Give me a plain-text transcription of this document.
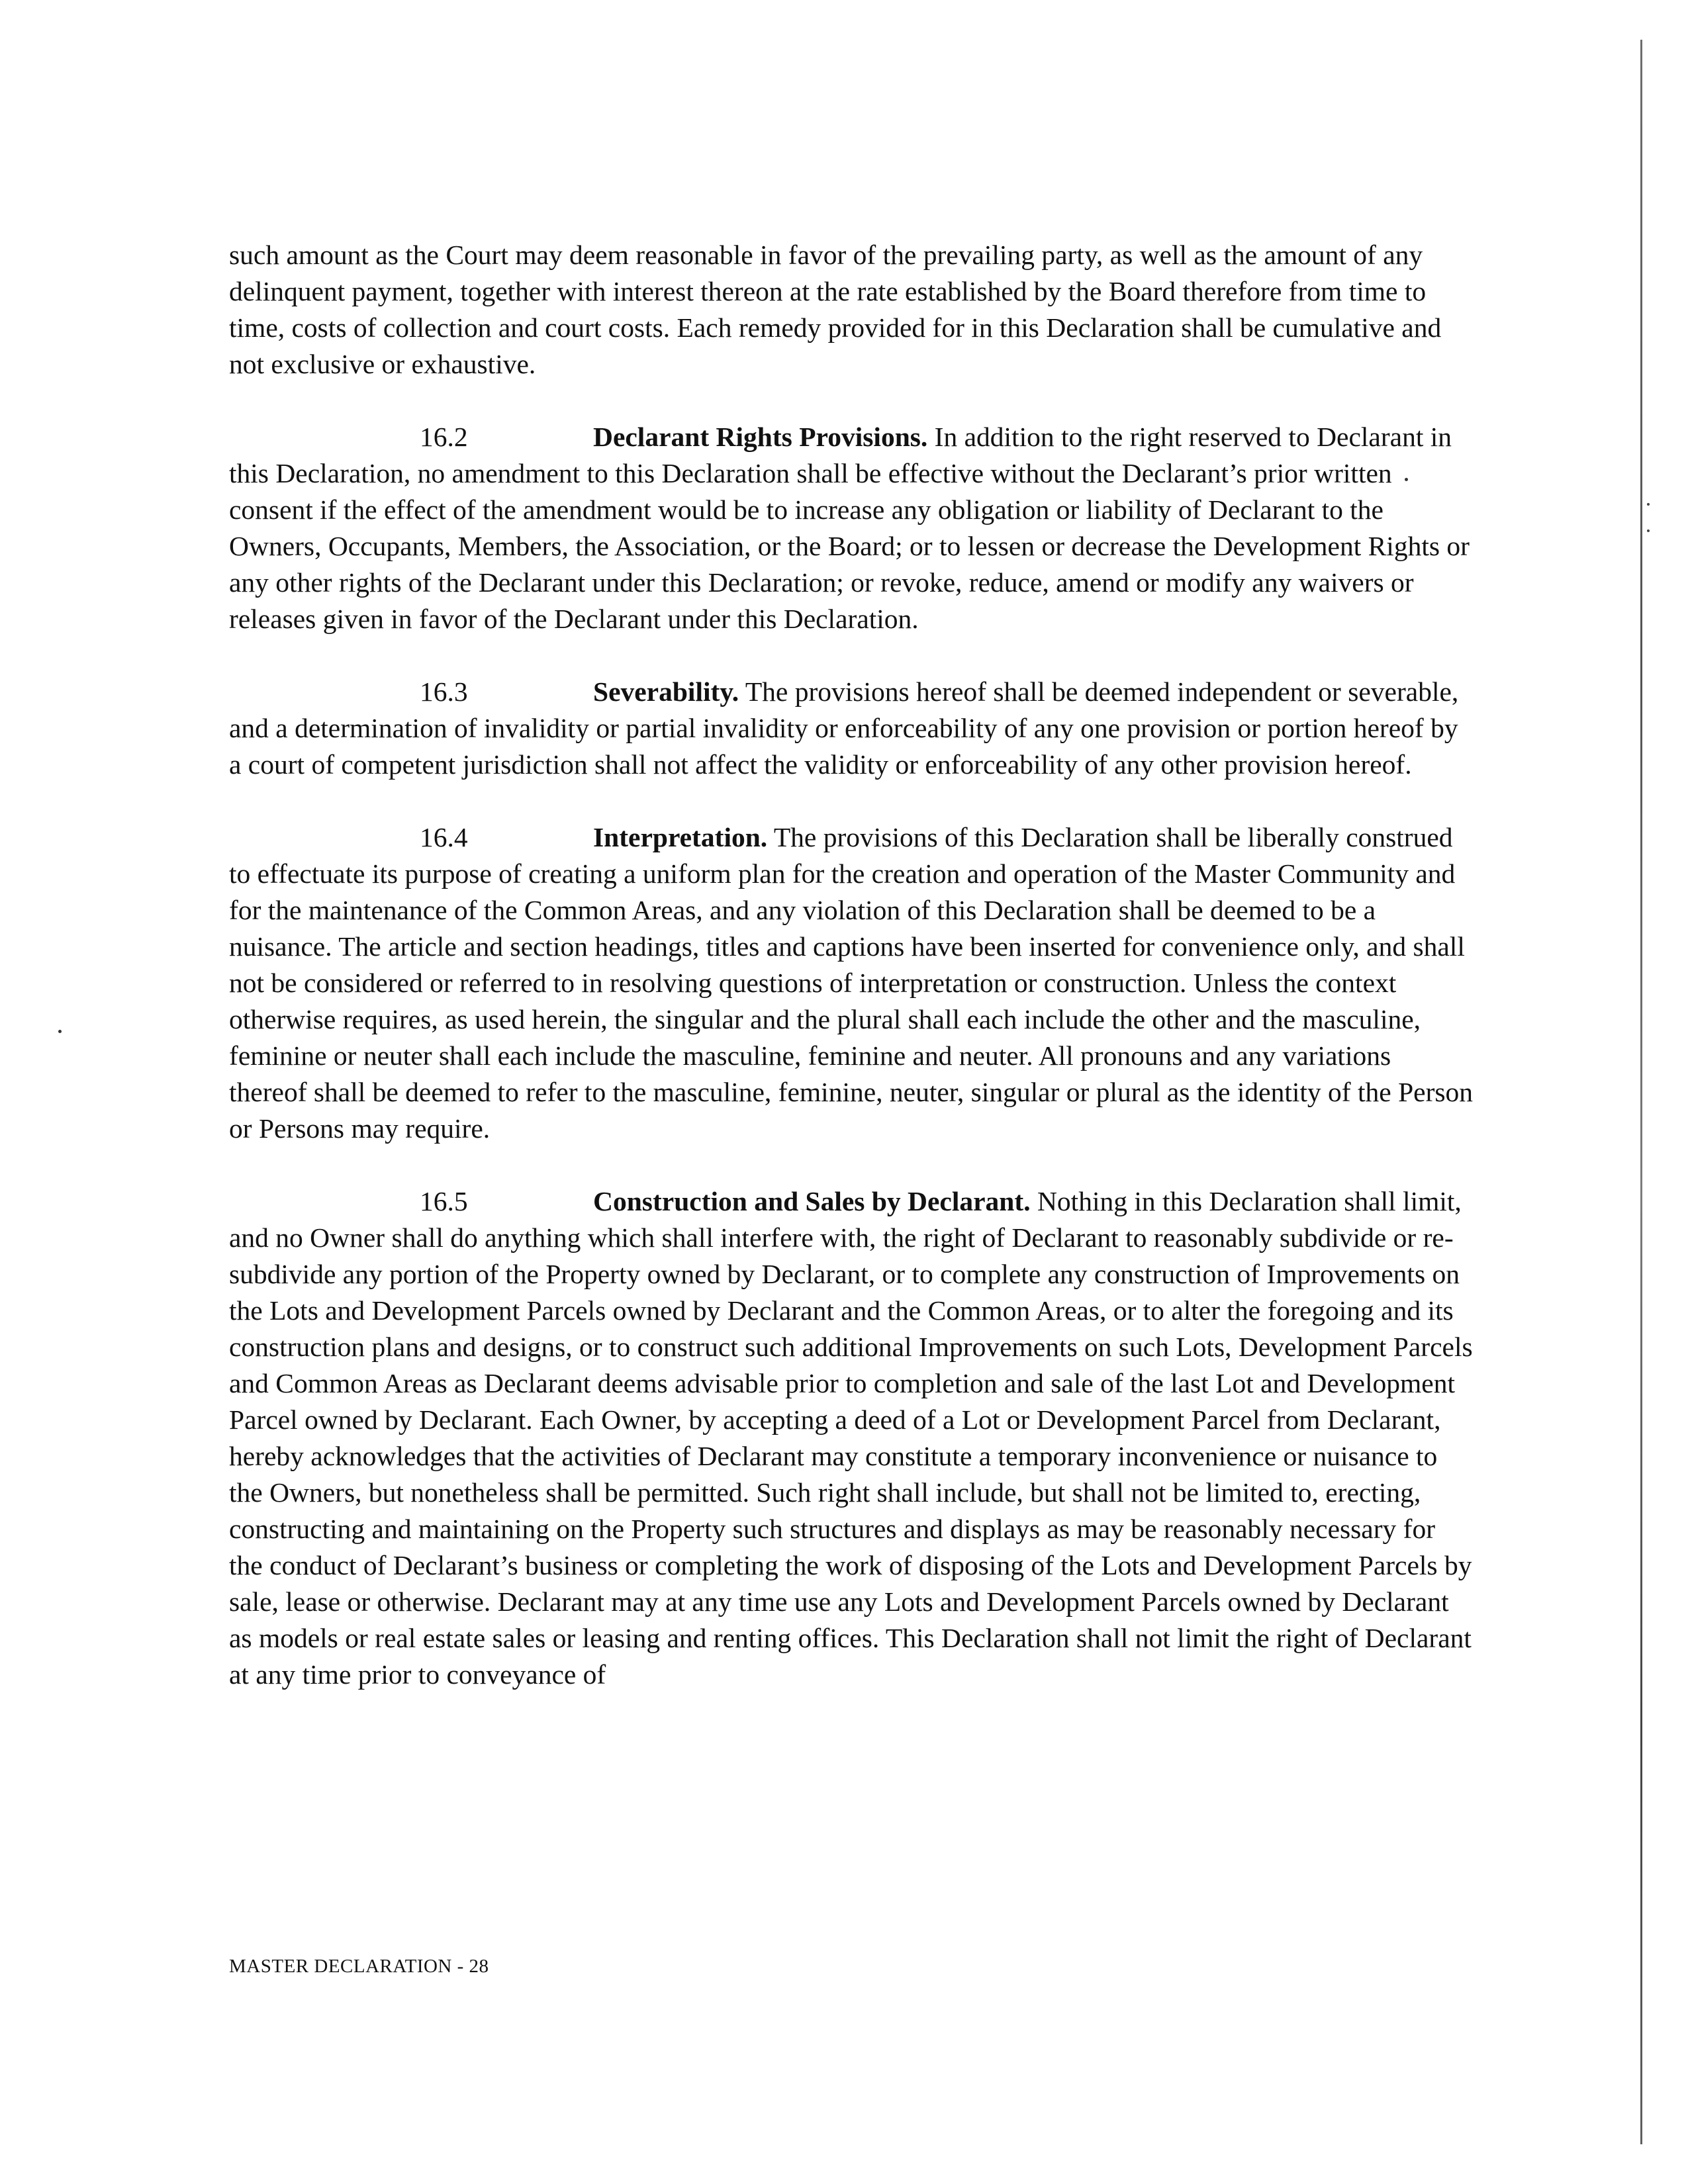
such amount as the Court may deem reasonable in favor of the prevailing party, as well as the amount of any delinquent payment, together with interest thereon at the rate established by the Board therefore from time to time, costs of collection and court costs. Each remedy provided for in this Declaration shall be cumulative and not exclusive or exhaustive.

16.2	Declarant Rights Provisions. In addition to the right reserved to Declarant in this Declaration, no amendment to this Declaration shall be effective without the Declarant’s prior written consent if the effect of the amendment would be to increase any obligation or liability of Declarant to the Owners, Occupants, Members, the Association, or the Board; or to lessen or decrease the Development Rights or any other rights of the Declarant under this Declaration; or revoke, reduce, amend or modify any waivers or releases given in favor of the Declarant under this Declaration.

16.3	Severability. The provisions hereof shall be deemed independent or severable, and a determination of invalidity or partial invalidity or enforceability of any one provision or portion hereof by a court of competent jurisdiction shall not affect the validity or enforceability of any other provision hereof.

16.4	Interpretation. The provisions of this Declaration shall be liberally construed to effectuate its purpose of creating a uniform plan for the creation and operation of the Master Community and for the maintenance of the Common Areas, and any violation of this Declaration shall be deemed to be a nuisance. The article and section headings, titles and captions have been inserted for convenience only, and shall not be considered or referred to in resolving questions of interpretation or construction. Unless the context otherwise requires, as used herein, the singular and the plural shall each include the other and the masculine, feminine or neuter shall each include the masculine, feminine and neuter. All pronouns and any variations thereof shall be deemed to refer to the masculine, feminine, neuter, singular or plural as the identity of the Person or Persons may require.

16.5	Construction and Sales by Declarant. Nothing in this Declaration shall limit, and no Owner shall do anything which shall interfere with, the right of Declarant to reasonably subdivide or re-subdivide any portion of the Property owned by Declarant, or to complete any construction of Improvements on the Lots and Development Parcels owned by Declarant and the Common Areas, or to alter the foregoing and its construction plans and designs, or to construct such additional Improvements on such Lots, Development Parcels and Common Areas as Declarant deems advisable prior to completion and sale of the last Lot and Development Parcel owned by Declarant. Each Owner, by accepting a deed of a Lot or Development Parcel from Declarant, hereby acknowledges that the activities of Declarant may constitute a temporary inconvenience or nuisance to the Owners, but nonetheless shall be permitted. Such right shall include, but shall not be limited to, erecting, constructing and maintaining on the Property such structures and displays as may be reasonably necessary for the conduct of Declarant’s business or completing the work of disposing of the Lots and Development Parcels by sale, lease or otherwise. Declarant may at any time use any Lots and Development Parcels owned by Declarant as models or real estate sales or leasing and renting offices. This Declaration shall not limit the right of Declarant at any time prior to conveyance of

MASTER DECLARATION - 28
